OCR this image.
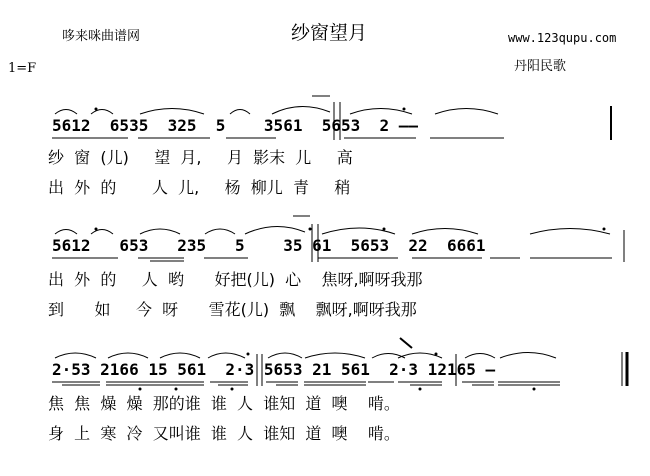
哆来咪曲谱网	纱窗望月	www.123qupu.com
1=F	丹阳民歌
5612  6535  325  5    3561  5653  2 ——
纱  窗  (儿)     望  月,     月  影末  儿     高
出  外  的       人  儿,     杨  柳儿  青     稍
5612   653   235   5    35 61  5653  22  6661
出  外  的     人  哟      好把(儿)  心    焦呀,啊呀我那
到      如     今  呀      雪花(儿)  飘    飘呀,啊呀我那
2·53 2166 15 561  2·3 5653 21 561  2·3 12165 —
焦  焦  燥  燥  那的谁  谁  人  谁知  道  噢    啃。
身  上  寒  冷  又叫谁  谁  人  谁知  道  噢    啃。
